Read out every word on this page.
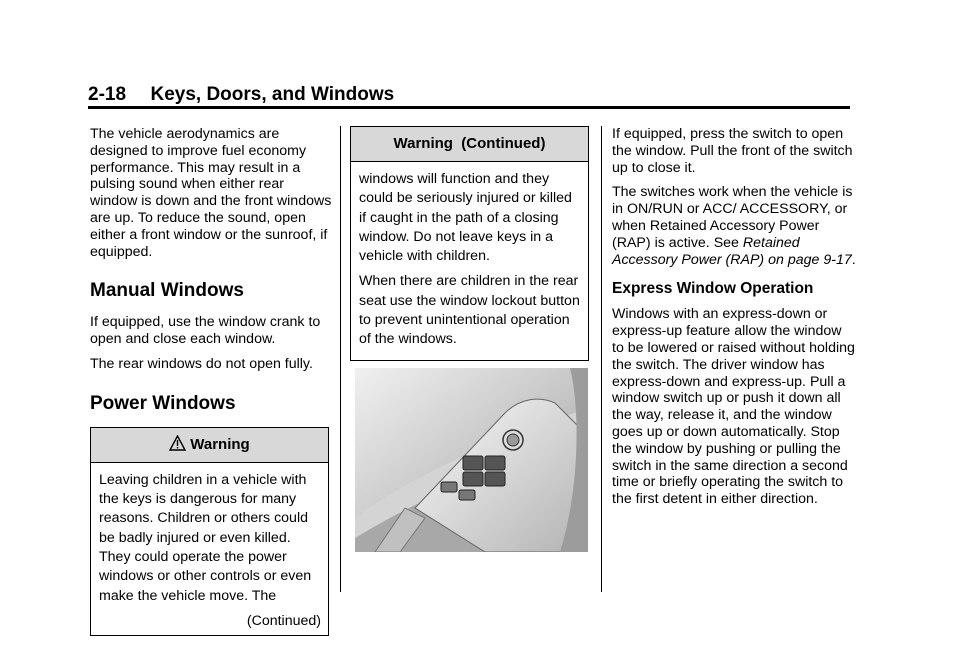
2-18 Keys, Doors, and Windows

The vehicle aerodynamics are designed to improve fuel economy performance. This may result in a pulsing sound when either rear window is down and the front windows are up. To reduce the sound, open either a front window or the sunroof, if equipped.

Manual Windows

If equipped, use the window crank to open and close each window.

The rear windows do not open fully.

Power Windows
Warning

Leaving children in a vehicle with the keys is dangerous for many reasons. Children or others could be badly injured or even killed. They could operate the power windows or other controls or even make the vehicle move. The

(Continued)

Warning  (Continued)

windows will function and they could be seriously injured or killed if caught in the path of a closing window. Do not leave keys in a vehicle with children.

When there are children in the rear seat use the window lockout button to prevent unintentional operation of the windows.

If equipped, press the switch to open the window. Pull the front of the switch up to close it.

The switches work when the vehicle is in ON/RUN or ACC/ ACCESSORY, or when Retained Accessory Power (RAP) is active. See Retained Accessory Power (RAP) on page 9-17.

Express Window Operation

Windows with an express-down or express-up feature allow the window to be lowered or raised without holding the switch. The driver window has express-down and express-up. Pull a window switch up or push it down all the way, release it, and the window goes up or down automatically. Stop the window by pushing or pulling the switch in the same direction a second time or briefly operating the switch to the first detent in either direction.
